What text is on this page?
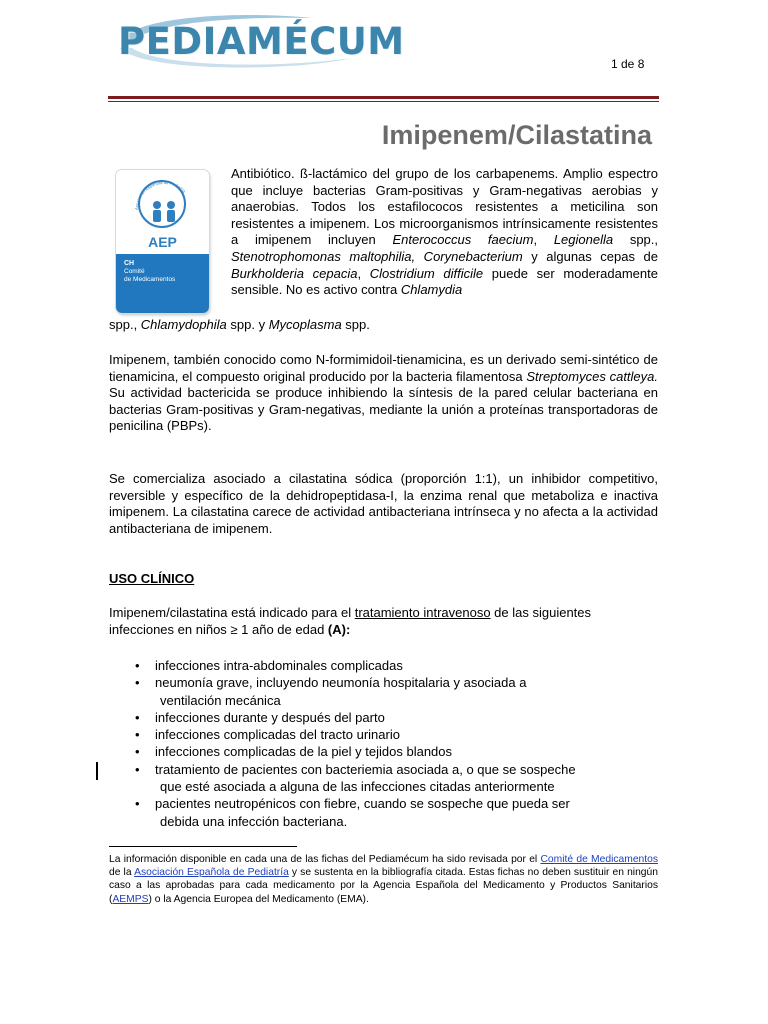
PEDIAMÉCUM
1 de 8
Imipenem/Cilastatina
Asociación Española de Pediatría
AEP
CH
Comité
de Medicamentos
Antibiótico. ß-lactámico del grupo de los carbapenems. Amplio espectro que incluye bacterias Gram-positivas y Gram-negativas aerobias y anaerobias. Todos los estafilococos resistentes a meticilina son resistentes a imipenem. Los microorganismos intrínsicamente resistentes a imipenem incluyen Enterococcus faecium, Legionella spp., Stenotrophomonas maltophilia, Corynebacterium y algunas cepas de Burkholderia cepacia, Clostridium difficile puede ser moderadamente sensible. No es activo contra Chlamydia
spp., Chlamydophila spp. y Mycoplasma spp.
Imipenem, también conocido como N-formimidoil-tienamicina, es un derivado semi-sintético de tienamicina, el compuesto original producido por la bacteria filamentosa Streptomyces cattleya. Su actividad bactericida se produce inhibiendo la síntesis de la pared celular bacteriana en bacterias Gram-positivas y Gram-negativas, mediante la unión a proteínas transportadoras de penicilina (PBPs).
Se comercializa asociado a cilastatina sódica (proporción 1:1), un inhibidor competitivo, reversible y específico de la dehidropeptidasa-I, la enzima renal que metaboliza e inactiva imipenem. La cilastatina carece de actividad antibacteriana intrínseca y no afecta a la actividad antibacteriana de imipenem.
USO CLÍNICO
Imipenem/cilastatina está indicado para el tratamiento intravenoso de las siguientes infecciones en niños ≥ 1 año de edad (A):
• infecciones intra-abdominales complicadas
• neumonía grave, incluyendo neumonía hospitalaria y asociada a
ventilación mecánica
• infecciones durante y después del parto
• infecciones complicadas del tracto urinario
• infecciones complicadas de la piel y tejidos blandos
• tratamiento de pacientes con bacteriemia asociada a, o que se sospeche
que esté asociada a alguna de las infecciones citadas anteriormente
• pacientes neutropénicos con fiebre, cuando se sospeche que pueda ser
debida una infección bacteriana.
La información disponible en cada una de las fichas del Pediamécum ha sido revisada por el Comité de Medicamentos de la Asociación Española de Pediatría y se sustenta en la bibliografía citada. Estas fichas no deben sustituir en ningún caso a las aprobadas para cada medicamento por la Agencia Española del Medicamento y Productos Sanitarios (AEMPS) o la Agencia Europea del Medicamento (EMA).
